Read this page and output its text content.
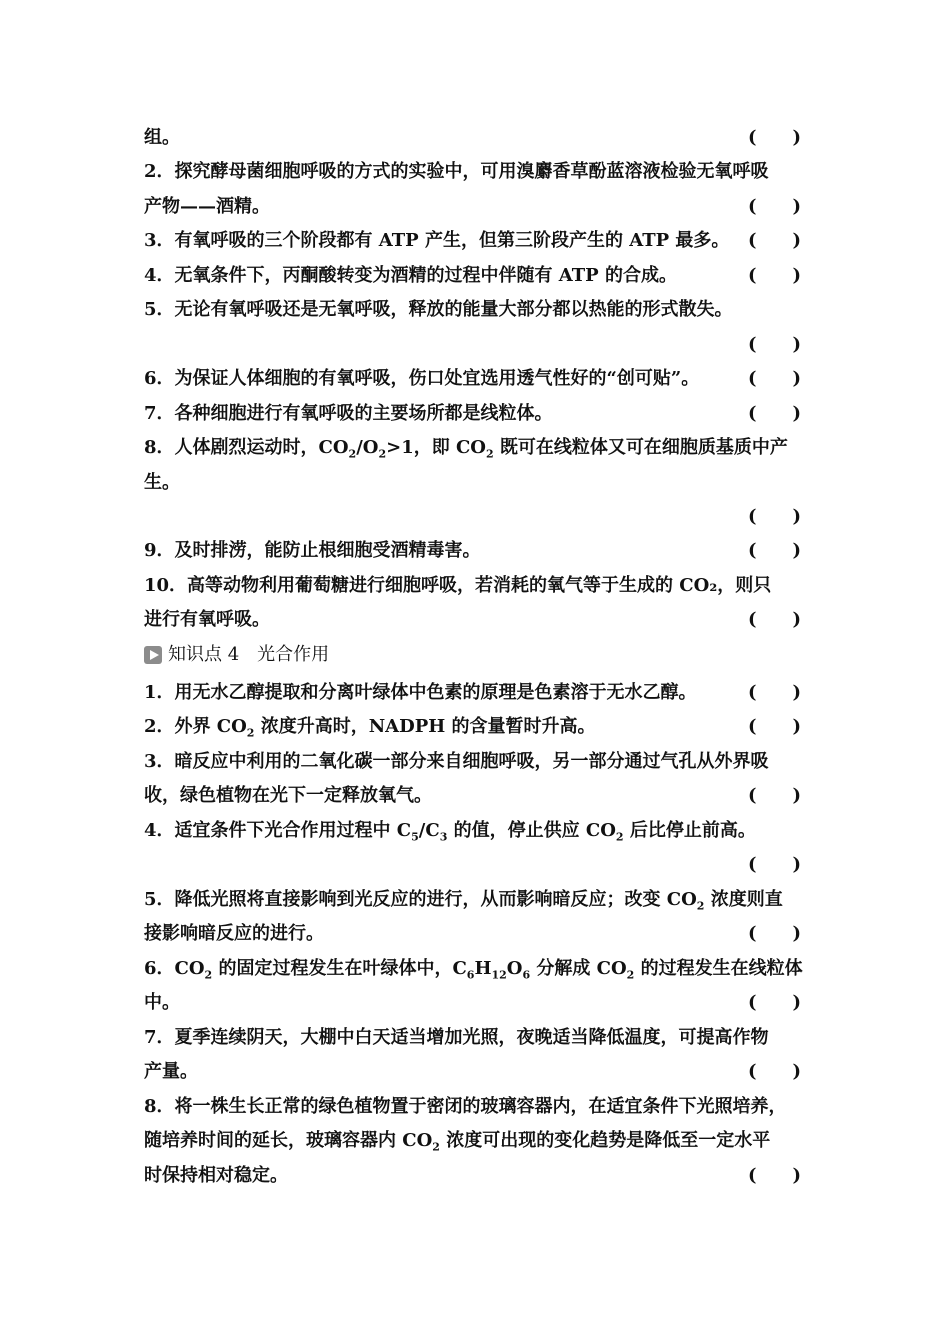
组。	(　　)
2．探究酵母菌细胞呼吸的方式的实验中，可用溴麝香草酚蓝溶液检验无氧呼吸
产物——酒精。	(　　)
3．有氧呼吸的三个阶段都有 ATP 产生，但第三阶段产生的 ATP 最多。 (　　)
4．无氧条件下，丙酮酸转变为酒精的过程中伴随有 ATP 的合成。	(　　)
5．无论有氧呼吸还是无氧呼吸，释放的能量大部分都以热能的形式散失。
(　　)
6．为保证人体细胞的有氧呼吸，伤口处宜选用透气性好的“创可贴”。	(　　)
7．各种细胞进行有氧呼吸的主要场所都是线粒体。	(　　)
8．人体剧烈运动时，$CO_2/O_2>1$，即 $CO_2$ 既可在线粒体又可在细胞质基质中产
生。
(　　)
9．及时排涝，能防止根细胞受酒精毒害。	(　　)
10．高等动物利用葡萄糖进行细胞呼吸，若消耗的氧气等于生成的 CO₂，则只
进行有氧呼吸。	(　　)
知识点 4　光合作用
1．用无水乙醇提取和分离叶绿体中色素的原理是色素溶于无水乙醇。	(　　)
2．外界 $CO_2$ 浓度升高时，NADPH 的含量暂时升高。	(　　)
3．暗反应中利用的二氧化碳一部分来自细胞呼吸，另一部分通过气孔从外界吸
收，绿色植物在光下一定释放氧气。	(　　)
4．适宜条件下光合作用过程中 $C_5/C_3$ 的值，停止供应 $CO_2$ 后比停止前高。
(　　)
5．降低光照将直接影响到光反应的进行，从而影响暗反应；改变 $CO_2$ 浓度则直
接影响暗反应的进行。	(　　)
6．$CO_2$ 的固定过程发生在叶绿体中，$C_6H_{12}O_6$ 分解成 $CO_2$ 的过程发生在线粒体
中。	(　　)
7．夏季连续阴天，大棚中白天适当增加光照，夜晚适当降低温度，可提高作物
产量。	(　　)
8．将一株生长正常的绿色植物置于密闭的玻璃容器内，在适宜条件下光照培养，
随培养时间的延长，玻璃容器内 $CO_2$ 浓度可出现的变化趋势是降低至一定水平
时保持相对稳定。	(　　)
